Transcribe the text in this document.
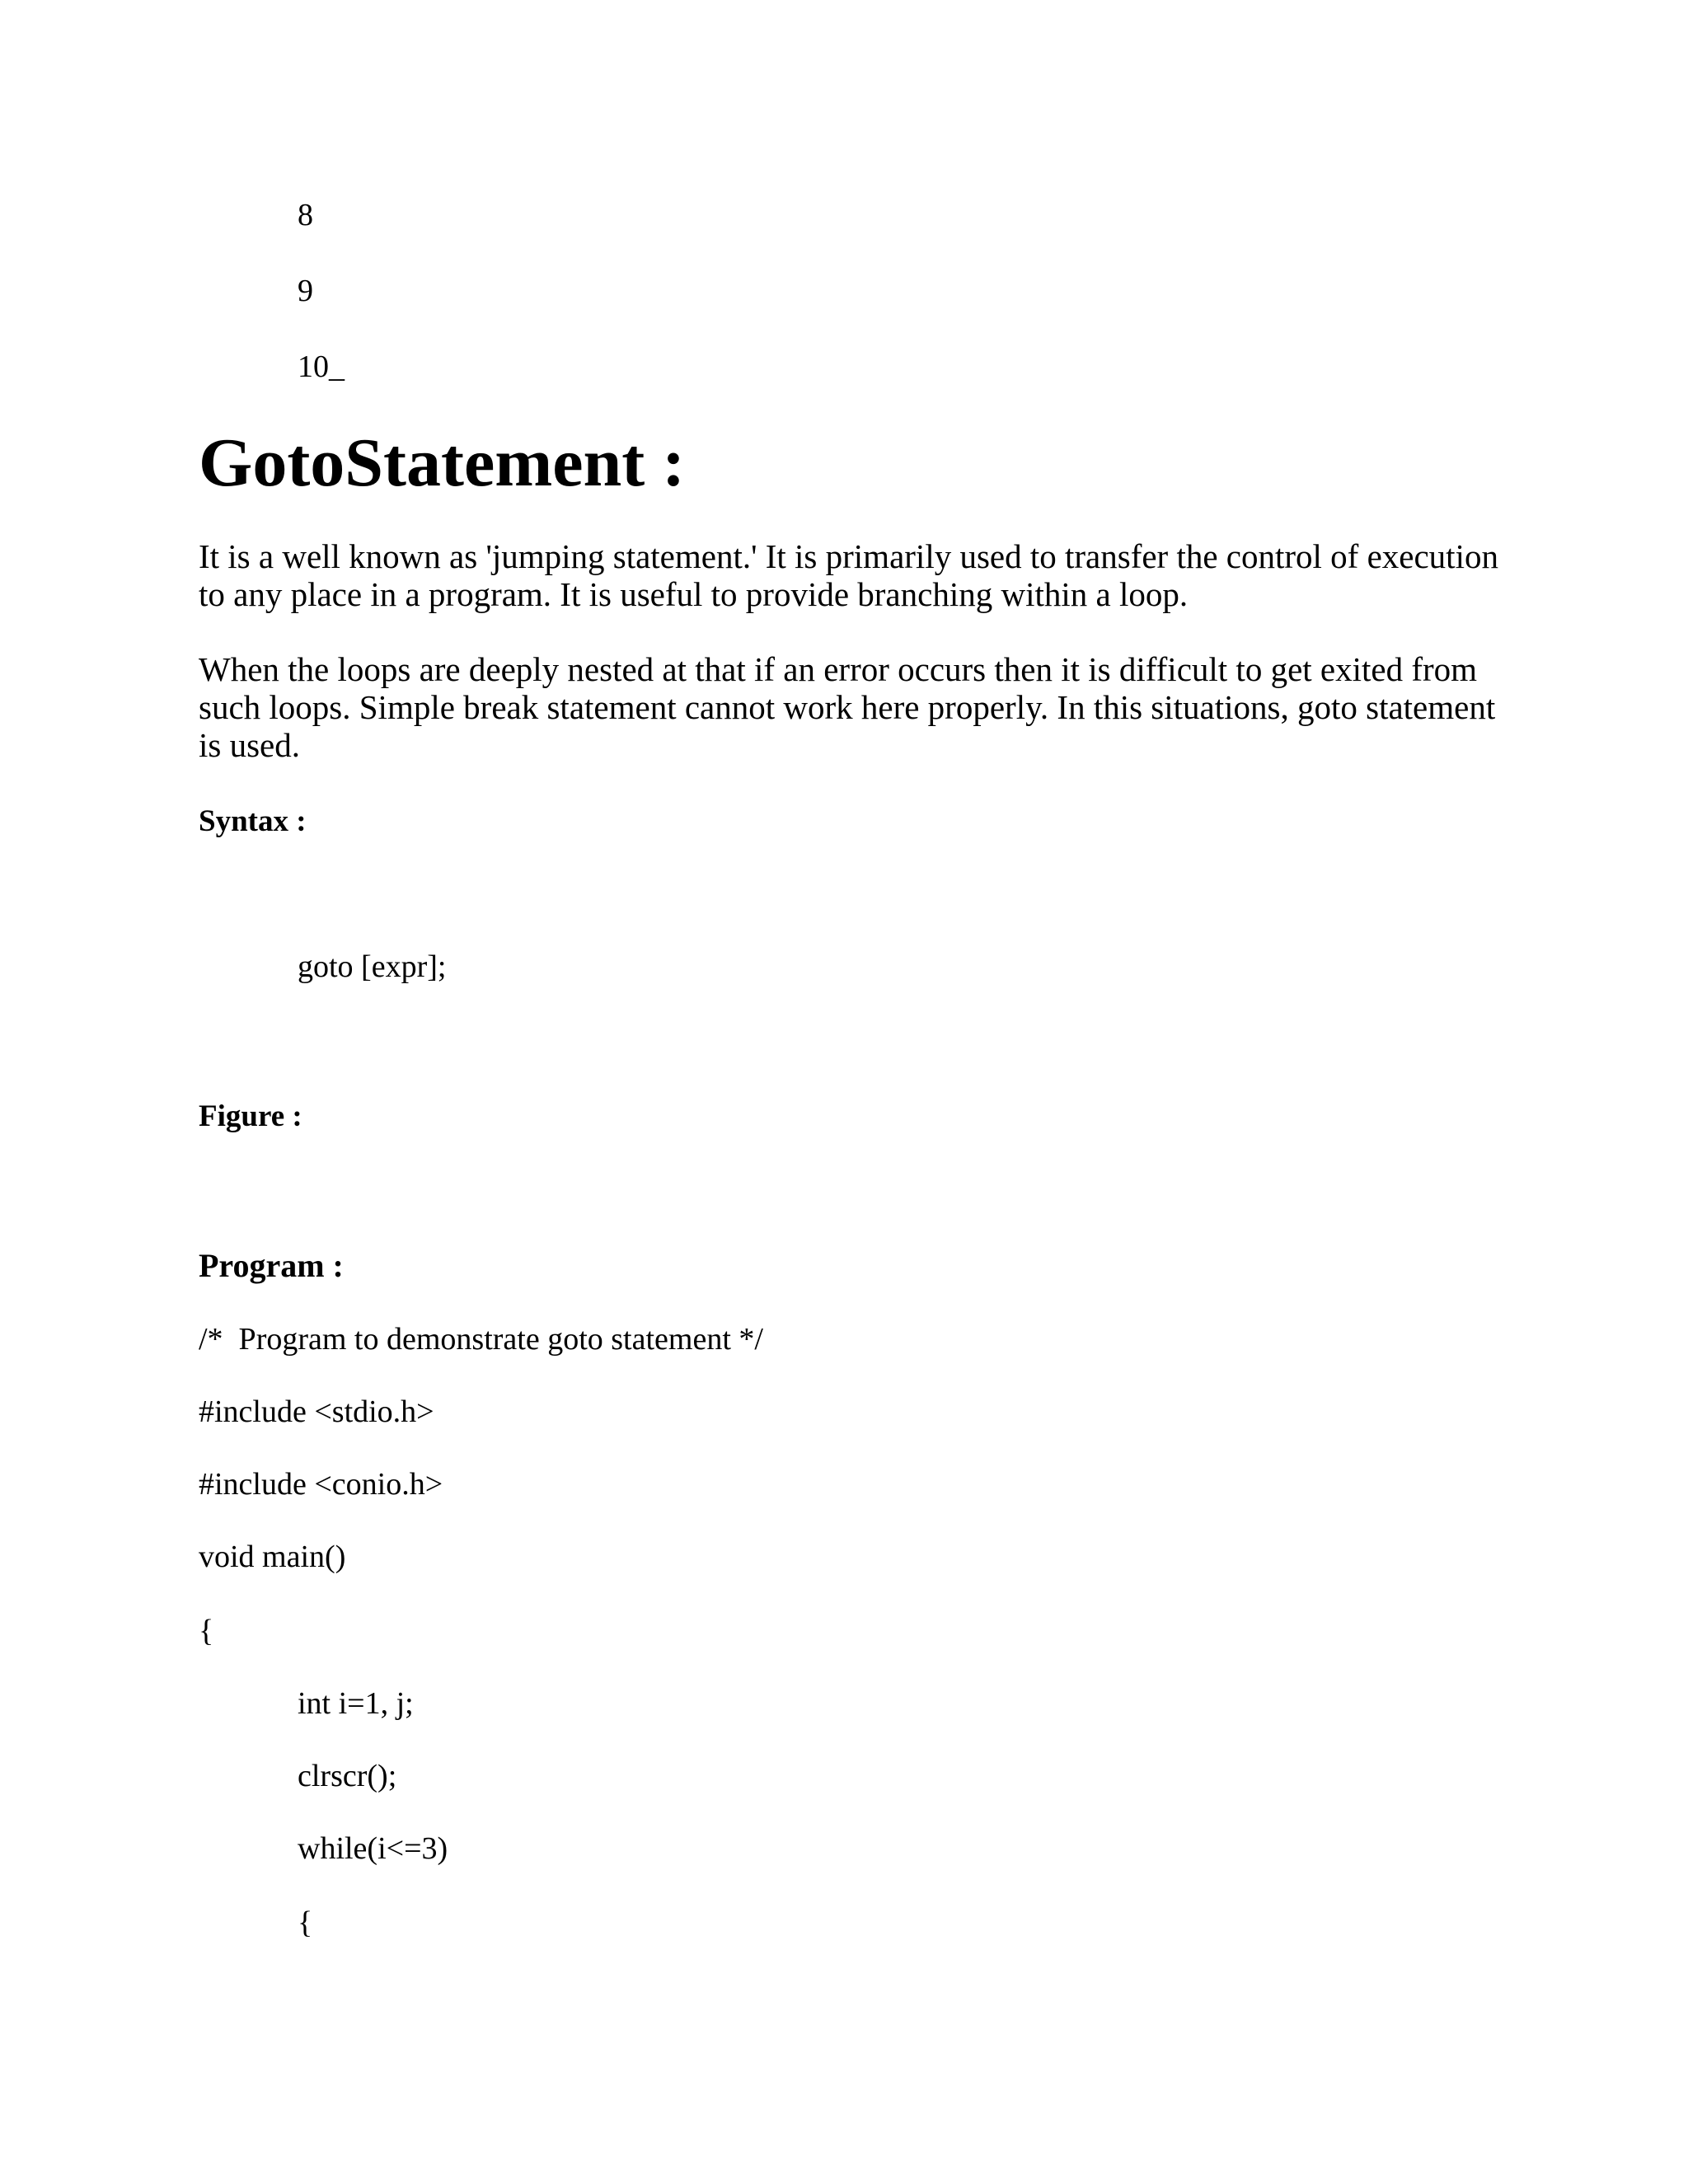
8
9
10_
GotoStatement :
It is a well known as 'jumping statement.' It is primarily used to transfer the control of execution to any place in a program. It is useful to provide branching within a loop.
When the loops are deeply nested at that if an error occurs then it is difficult to get exited from such loops. Simple break statement cannot work here properly. In this situations, goto statement is used.
Syntax :
goto [expr];
Figure :
Program :
/*  Program to demonstrate goto statement */
#include <stdio.h>
#include <conio.h>
void main()
{
int i=1, j;
clrscr();
while(i<=3)
{
